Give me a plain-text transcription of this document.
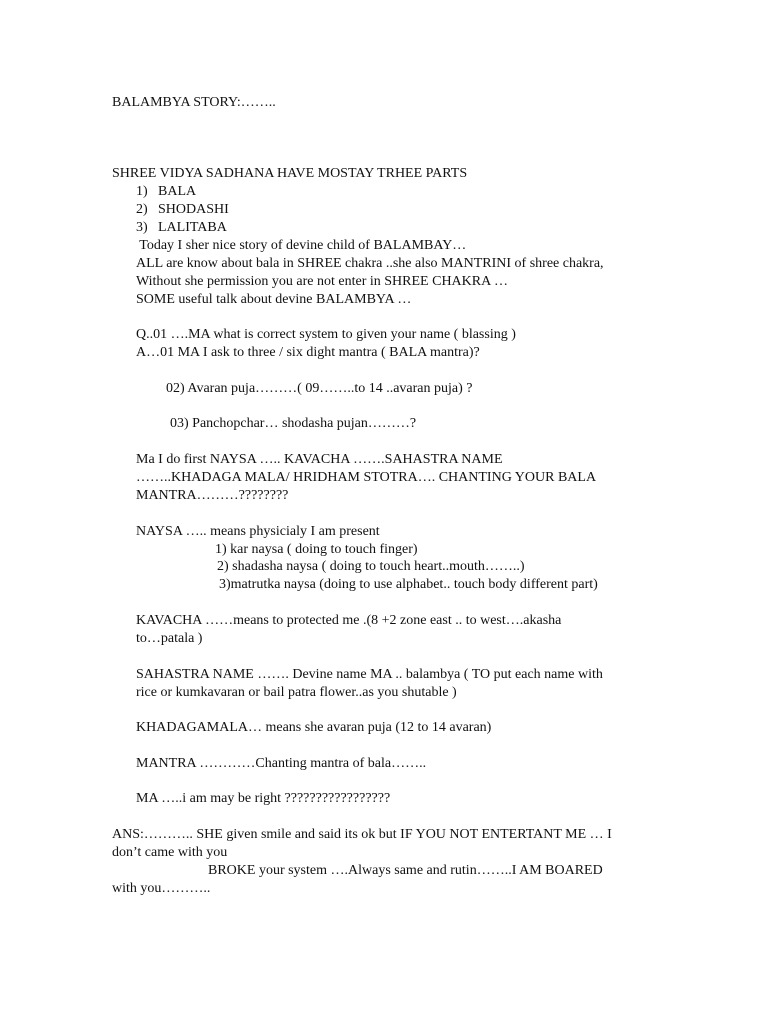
BALAMBYA STORY:……..

SHREE VIDYA SADHANA HAVE MOSTAY TRHEE PARTS

1) BALA

2) SHODASHI

3) LALITABA

Today I sher nice story of devine child of BALAMBAY…

ALL are know about bala in SHREE chakra ..she also MANTRINI of shree chakra,

Without she permission you are not enter in SHREE CHAKRA …

SOME useful talk about devine BALAMBYA …

Q..01 ….MA what is correct system to given your name ( blassing )

A…01 MA I ask to three / six dight mantra ( BALA mantra)?

02) Avaran puja………( 09……..to 14 ..avaran puja) ?

03) Panchopchar… shodasha pujan………?

Ma I do first NAYSA ….. KAVACHA …….SAHASTRA NAME

……..KHADAGA MALA/ HRIDHAM STOTRA…. CHANTING YOUR BALA

MANTRA………????????

NAYSA ….. means physicialy I am present

1) kar naysa ( doing to touch finger)

2) shadasha naysa ( doing to touch heart..mouth……..)

3)matrutka naysa (doing to use alphabet.. touch body different part)

KAVACHA ……means to protected me .(8 +2 zone east .. to west….akasha

to…patala )

SAHASTRA NAME ……. Devine name MA .. balambya ( TO put each name with

rice or kumkavaran or bail patra flower..as you shutable )

KHADAGAMALA… means she avaran puja (12 to 14 avaran)

MANTRA …………Chanting mantra of bala……..

MA …..i am may be right ?????????????????

ANS:……….. SHE given smile and said its ok but IF YOU NOT ENTERTANT ME … I

don’t came with you

BROKE your system ….Always same and rutin……..I AM BOARED

with you………..
